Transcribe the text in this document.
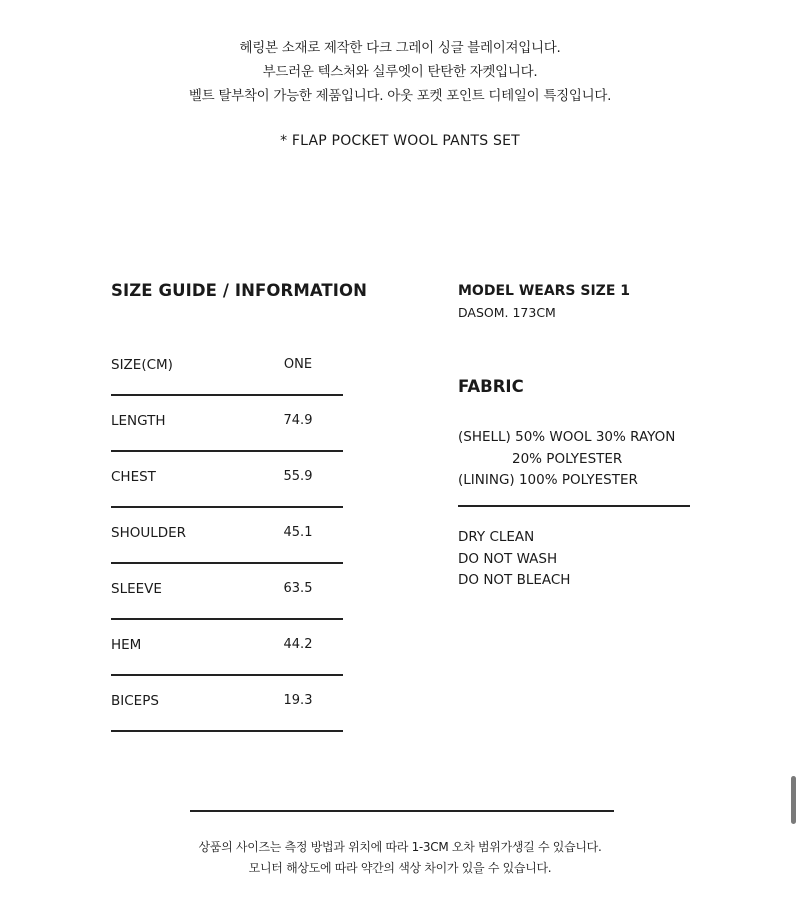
헤링본 소재로 제작한 다크 그레이 싱글 블레이져입니다.
부드러운 텍스처와 실루엣이 탄탄한 자켓입니다.
벨트 탈부착이 가능한 제품입니다. 아웃 포켓 포인트 디테일이 특징입니다.
* FLAP POCKET WOOL PANTS SET
SIZE GUIDE / INFORMATION
SIZE(CM)	ONE
LENGTH	74.9
CHEST	55.9
SHOULDER	45.1
SLEEVE	63.5
HEM	44.2
BICEPS	19.3
MODEL WEARS SIZE 1
DASOM. 173CM
FABRIC
(SHELL) 50% WOOL 30% RAYON
20% POLYESTER
(LINING) 100% POLYESTER
DRY CLEAN
DO NOT WASH
DO NOT BLEACH
상품의 사이즈는 측정 방법과 위치에 따라 1-3CM 오차 범위가생길 수 있습니다.
모니터 해상도에 따라 약간의 색상 차이가 있을 수 있습니다.
